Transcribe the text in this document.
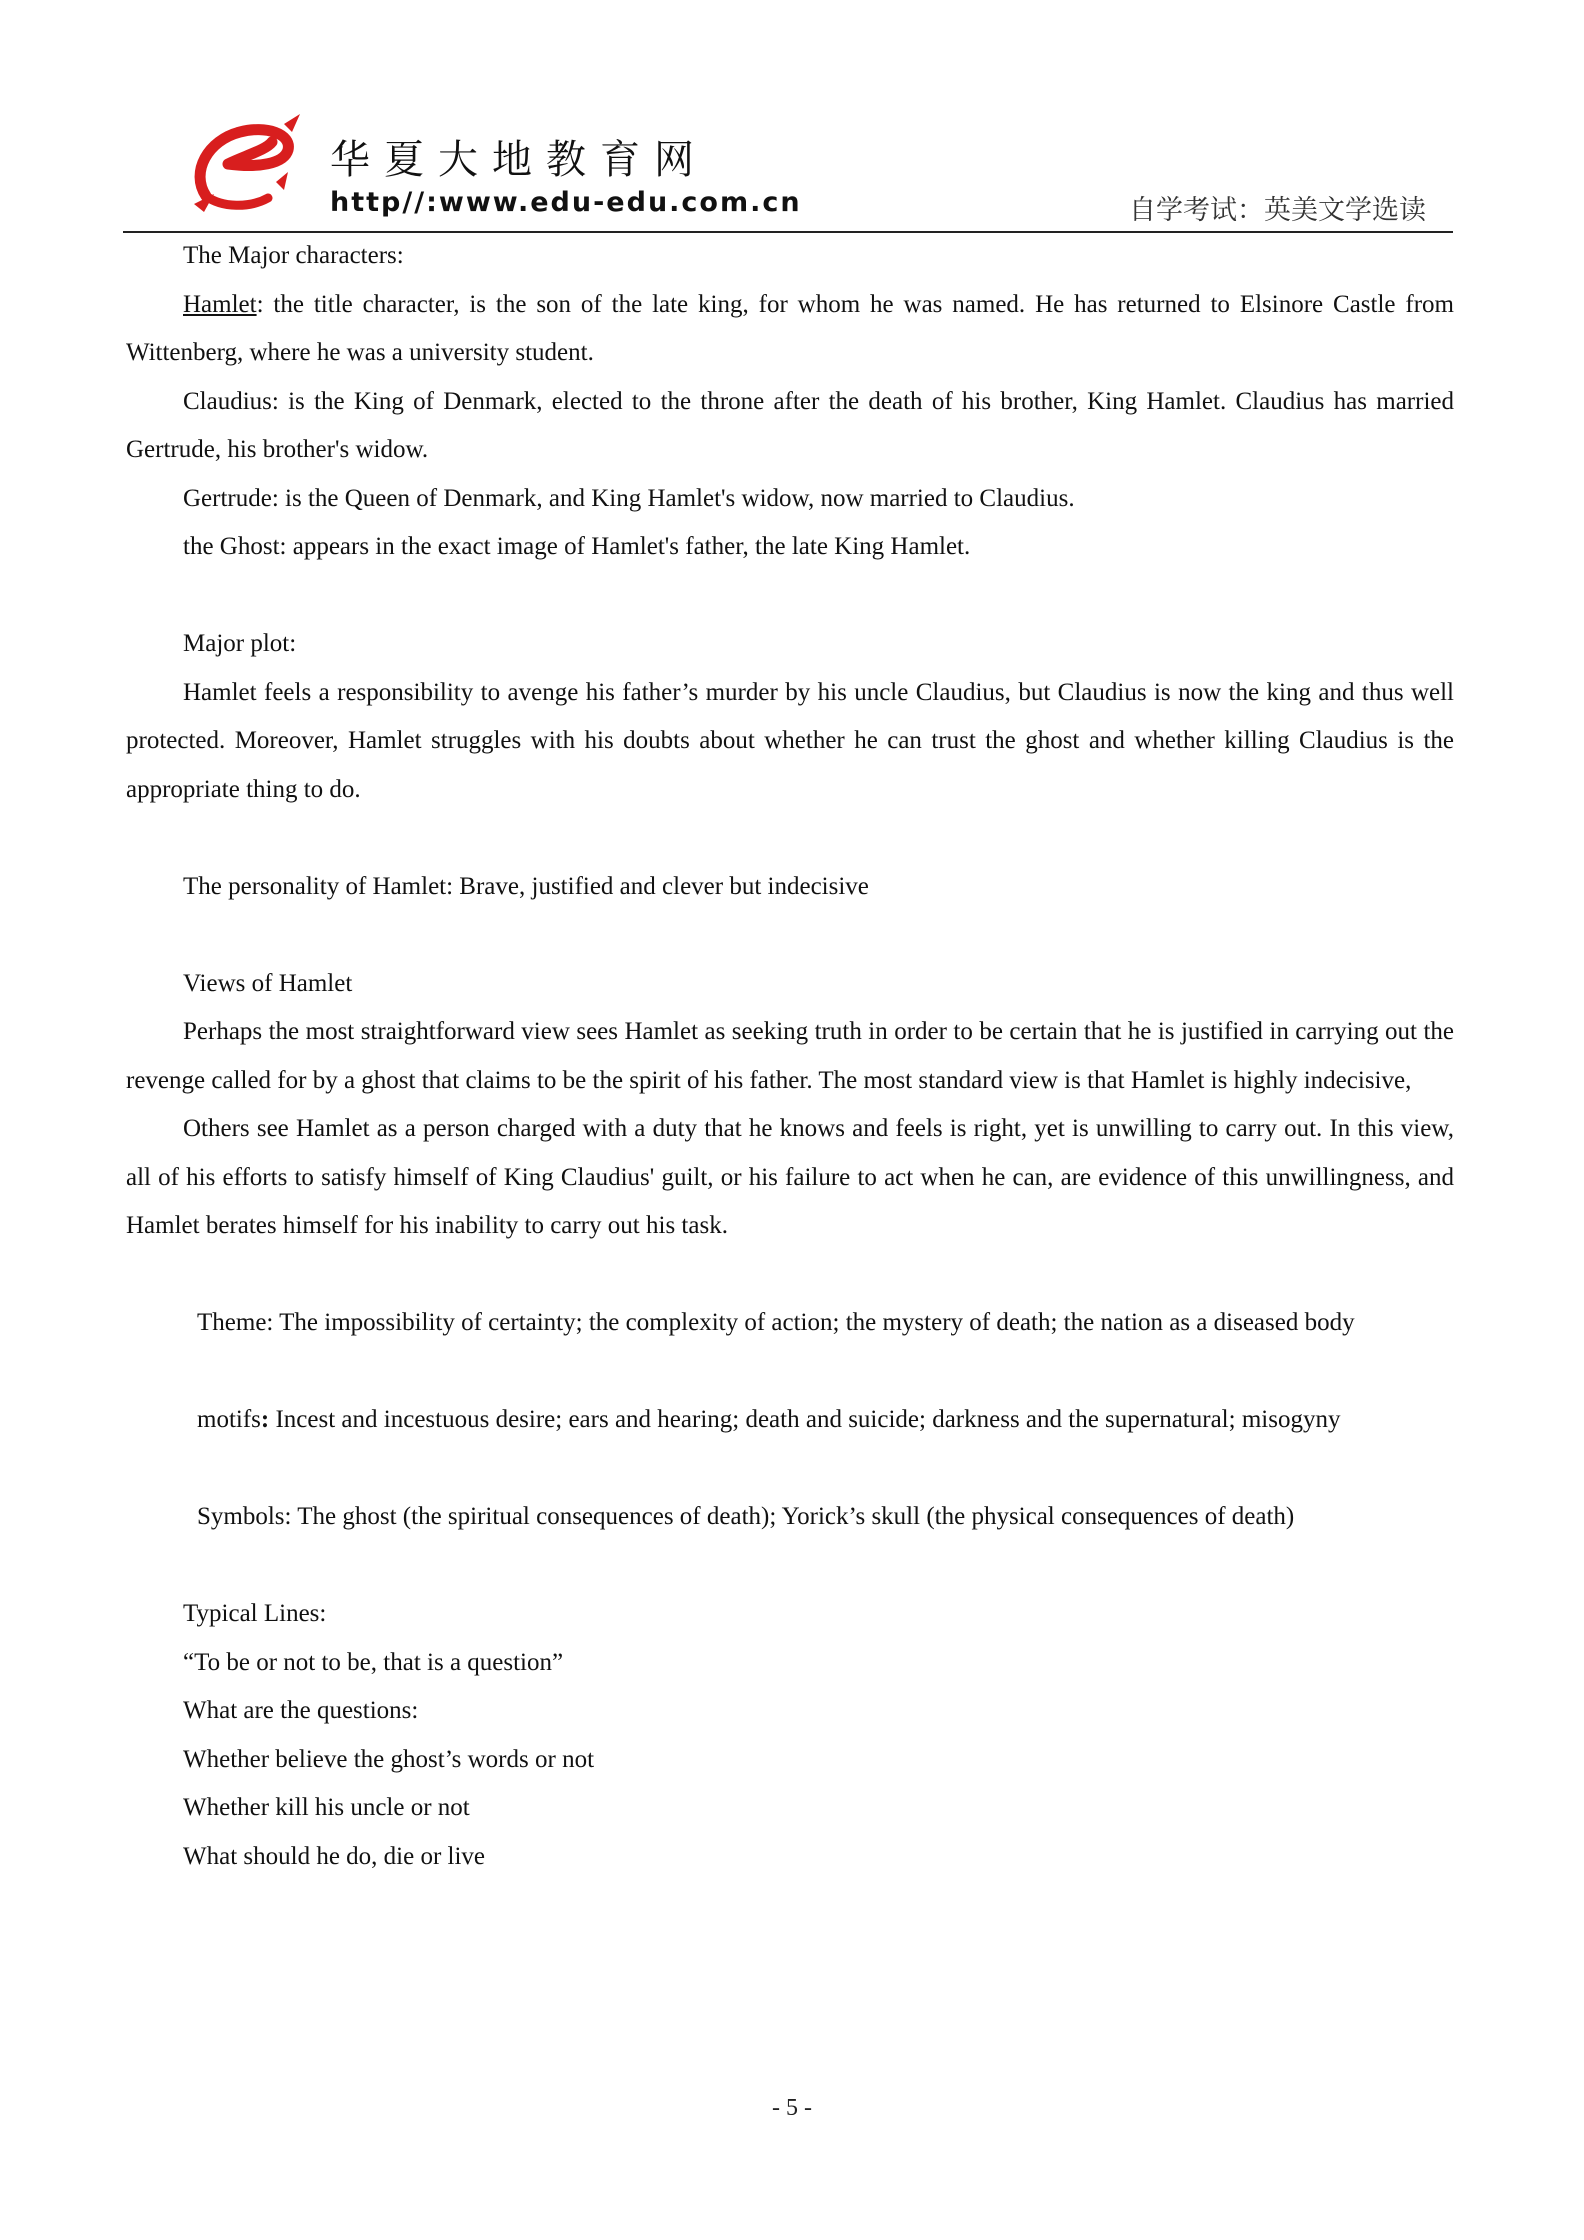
华夏大地教育网
http//:www.edu-edu.com.cn	自学考试：英美文学选读

The Major characters:

Hamlet: the title character, is the son of the late king, for whom he was named. He has returned to Elsinore Castle from Wittenberg, where he was a university student.

Claudius: is the King of Denmark, elected to the throne after the death of his brother, King Hamlet. Claudius has married Gertrude, his brother's widow.

Gertrude: is the Queen of Denmark, and King Hamlet's widow, now married to Claudius.

the Ghost: appears in the exact image of Hamlet's father, the late King Hamlet.

Major plot:

Hamlet feels a responsibility to avenge his father’s murder by his uncle Claudius, but Claudius is now the king and thus well protected. Moreover, Hamlet struggles with his doubts about whether he can trust the ghost and whether killing Claudius is the appropriate thing to do.

The personality of Hamlet: Brave, justified and clever but indecisive

Views of Hamlet

Perhaps the most straightforward view sees Hamlet as seeking truth in order to be certain that he is justified in carrying out the revenge called for by a ghost that claims to be the spirit of his father. The most standard view is that Hamlet is highly indecisive,

Others see Hamlet as a person charged with a duty that he knows and feels is right, yet is unwilling to carry out. In this view, all of his efforts to satisfy himself of King Claudius' guilt, or his failure to act when he can, are evidence of this unwillingness, and Hamlet berates himself for his inability to carry out his task.

Theme: The impossibility of certainty; the complexity of action; the mystery of death; the nation as a diseased body

motifs: Incest and incestuous desire; ears and hearing; death and suicide; darkness and the supernatural; misogyny

Symbols: The ghost (the spiritual consequences of death); Yorick’s skull (the physical consequences of death)

Typical Lines:

“To be or not to be, that is a question”

What are the questions:

Whether believe the ghost’s words or not

Whether kill his uncle or not

What should he do, die or live

- 5 -
